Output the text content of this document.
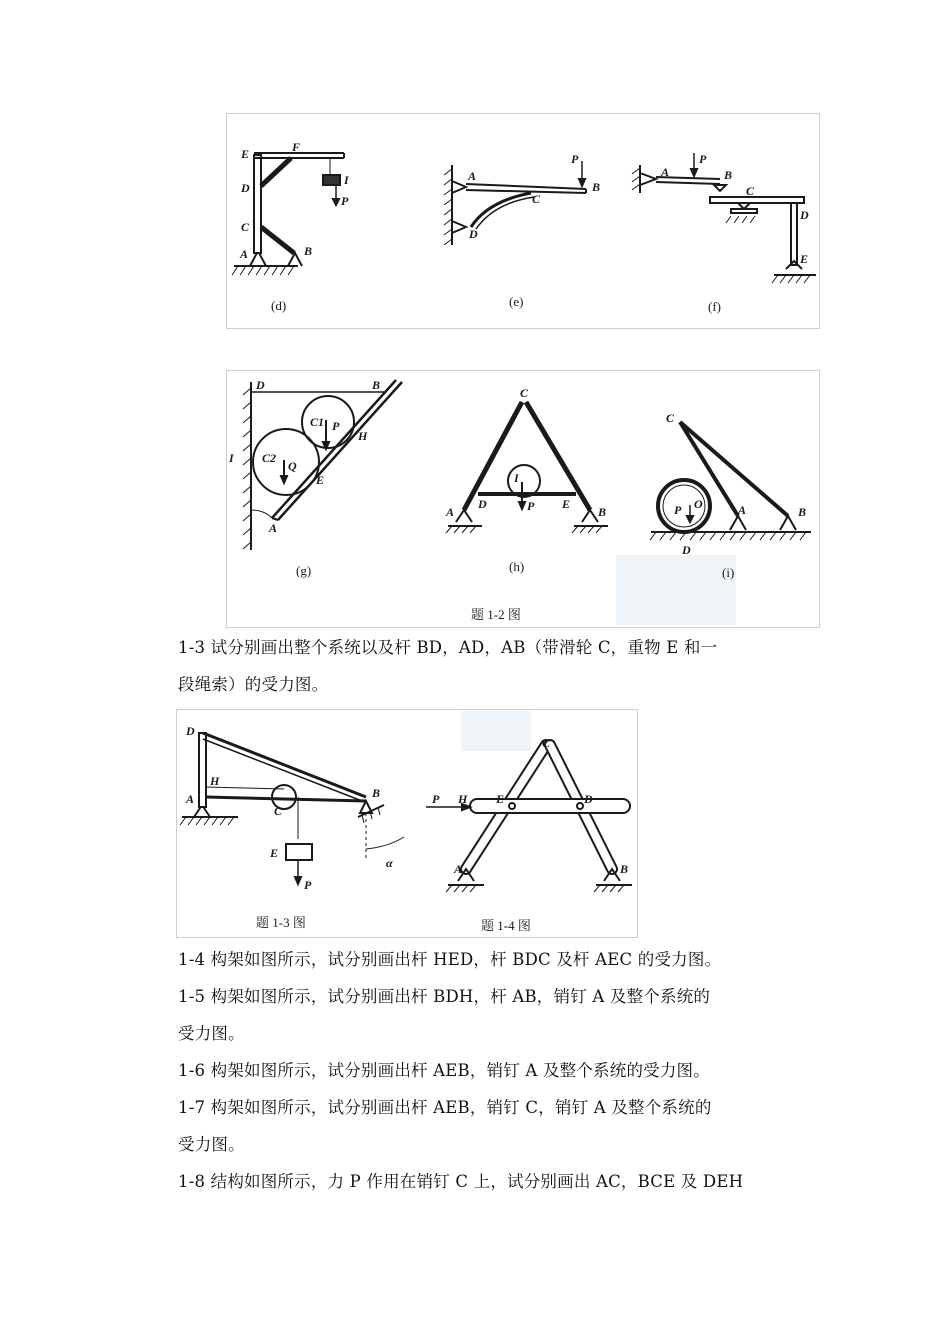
E	F
D
I
P
C
A	B
(d)
P
A
B
C
D
(e)
P
A	B
C
D
E
(f)
D	B
C1 P
C2
Q
H
E
I
A
(g)
C
I
D	E
A	B
P
(h)
C
P O	A	B
D
(i)
题 1-2 图
1-3 试分别画出整个系统以及杆 BD，AD，AB（带滑轮 C，重物 E 和一
段绳索）的受力图。
D
H
A
C
B
E
P
α
题 1-3 图
C
P H E	D
A	B
题 1-4 图
1-4 构架如图所示，试分别画出杆 HED，杆 BDC 及杆 AEC 的受力图。
1-5 构架如图所示，试分别画出杆 BDH，杆 AB，销钉 A 及整个系统的
受力图。
1-6 构架如图所示，试分别画出杆 AEB，销钉 A 及整个系统的受力图。
1-7 构架如图所示，试分别画出杆 AEB，销钉 C，销钉 A 及整个系统的
受力图。
1-8 结构如图所示，力 P 作用在销钉 C 上，试分别画出 AC，BCE 及 DEH
